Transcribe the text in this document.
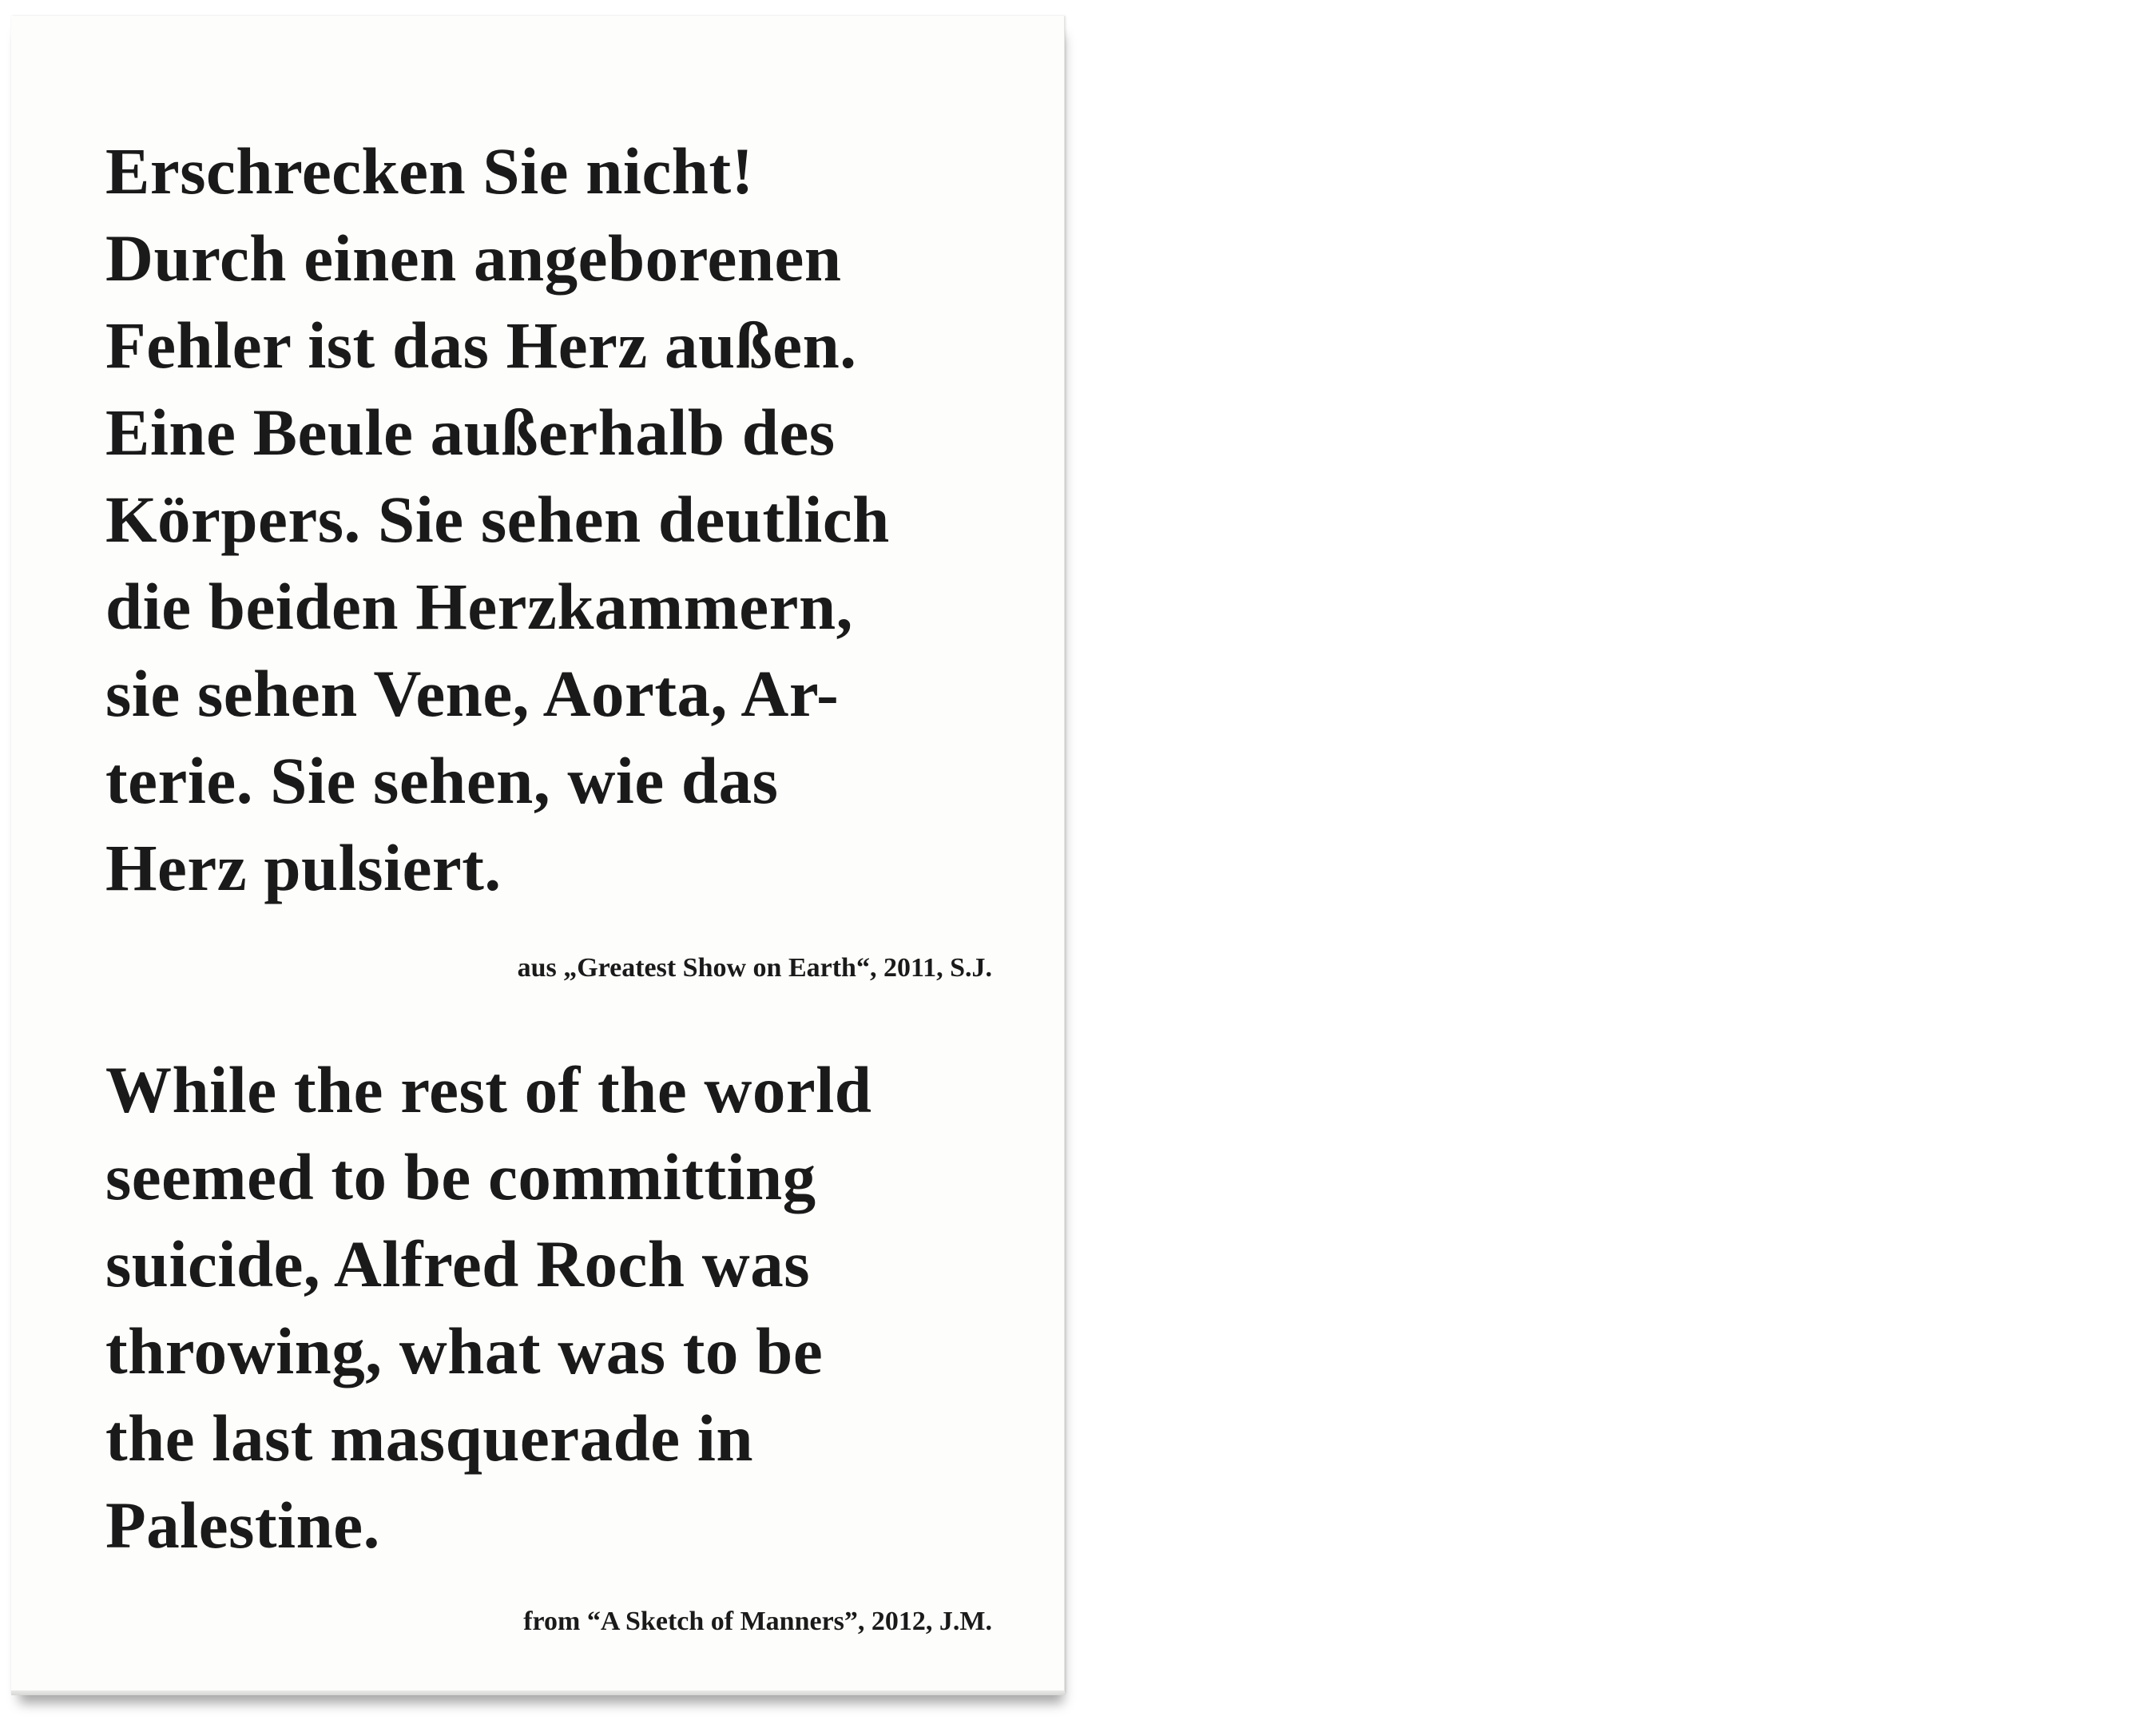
Erschrecken Sie nicht!
Durch einen angeborenen
Fehler ist das Herz außen.
Eine Beule außerhalb des
Körpers. Sie sehen deutlich
die beiden Herzkammern,
sie sehen Vene, Aorta, Ar-
terie. Sie sehen, wie das
Herz pulsiert.

aus „Greatest Show on Earth“, 2011, S.J.

While the rest of the world
seemed to be committing
suicide, Alfred Roch was
throwing, what was to be
the last masquerade in
Palestine.

from “A Sketch of Manners”, 2012, J.M.
